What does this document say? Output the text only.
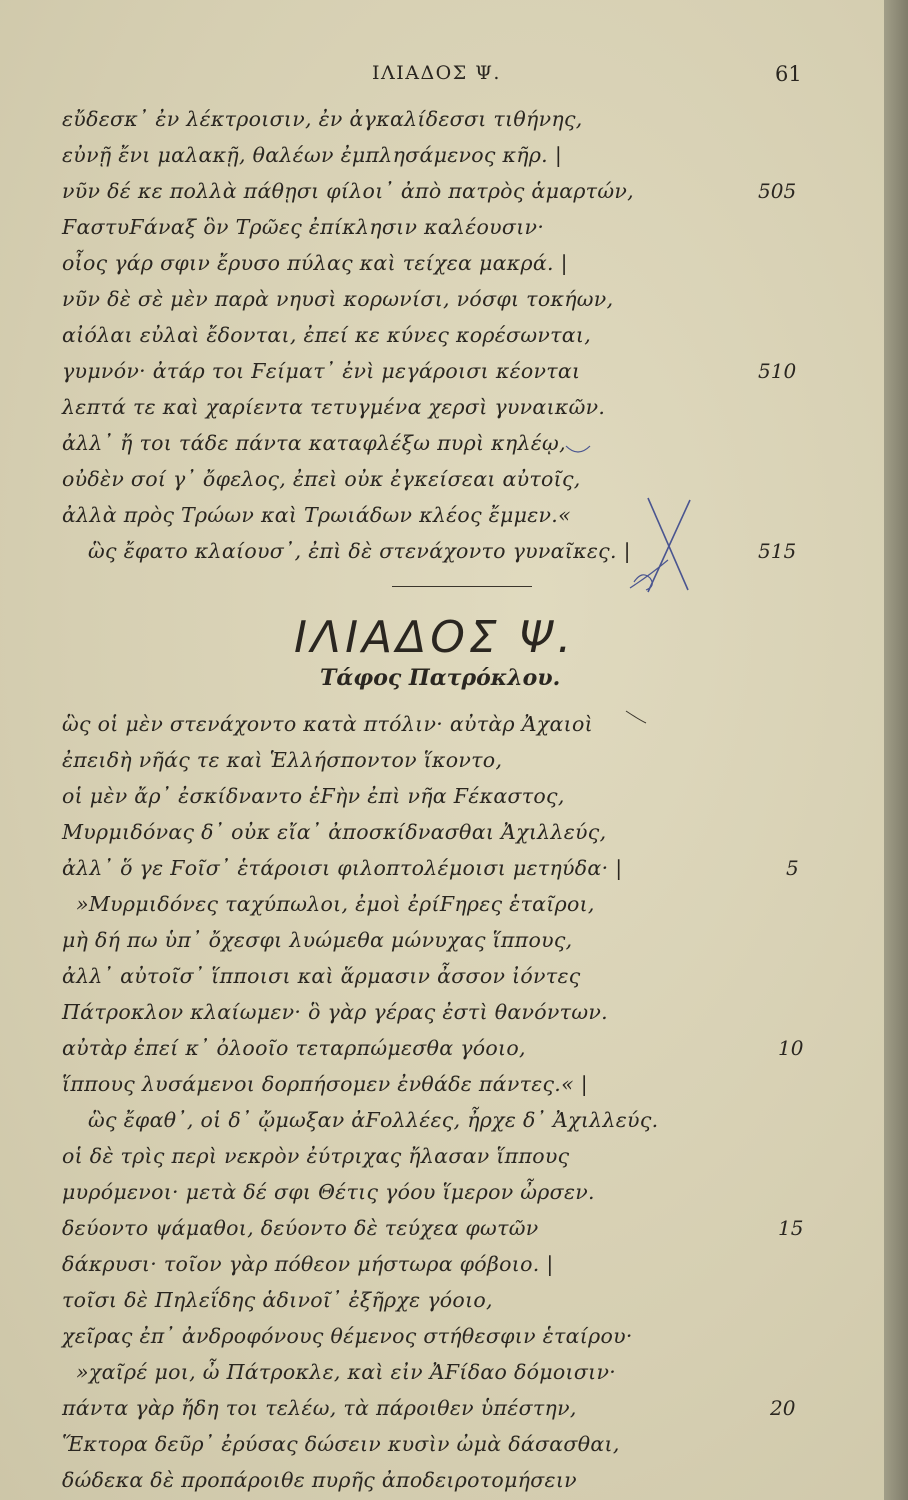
ΙΛΙΑΔΟΣ Ψ.	61
εὔδεσκ᾽ ἐν λέκτροισιν, ἐν ἀγκαλίδεσσι τιθήνης,
εὐνῇ ἔνι μαλακῇ, θαλέων ἐμπλησάμενος κῆρ. |
νῦν δέ κε πολλὰ πάθῃσι φίλοι᾽ ἀπὸ πατρὸς ἁμαρτών,
ϜαστυϜάναξ ὃν Τρῶες ἐπίκλησιν καλέουσιν·
οἶος γάρ σφιν ἔρυσο πύλας καὶ τείχεα μακρά. |
νῦν δὲ σὲ μὲν παρὰ νηυσὶ κορωνίσι, νόσφι τοκήων,
αἰόλαι εὐλαὶ ἔδονται, ἐπεί κε κύνες κορέσωνται,
γυμνόν· ἀτάρ τοι Ϝείματ᾽ ἐνὶ μεγάροισι κέονται
λεπτά τε καὶ χαρίεντα τετυγμένα χερσὶ γυναικῶν.
ἀλλ᾽ ἤ τοι τάδε πάντα καταφλέξω πυρὶ κηλέῳ,
οὐδὲν σοί γ᾽ ὄφελος, ἐπεὶ οὐκ ἐγκείσεαι αὐτοῖς,
ἀλλὰ πρὸς Τρώων καὶ Τρωιάδων κλέος ἔμμεν.«
ὣς ἔφατο κλαίουσ᾽, ἐπὶ δὲ στενάχοντο γυναῖκες. |
505
510
515
ΙΛΙΑΔΟΣ Ψ.
Τάφος Πατρόκλου.
ὣς οἱ μὲν στενάχοντο κατὰ πτόλιν· αὐτὰρ Ἀχαιοὶ
ἐπειδὴ νῆάς τε καὶ Ἑλλήσποντον ἵκοντο,
οἱ μὲν ἄρ᾽ ἐσκίδναντο ἑϜὴν ἐπὶ νῆα Ϝέκαστος,
Μυρμιδόνας δ᾽ οὐκ εἴα᾽ ἀποσκίδνασθαι Ἀχιλλεύς,
ἀλλ᾽ ὅ γε Ϝοῖσ᾽ ἑτάροισι φιλοπτολέμοισι μετηύδα· |
»Μυρμιδόνες ταχύπωλοι, ἐμοὶ ἐρίϜηρες ἑταῖροι,
μὴ δή πω ὑπ᾽ ὄχεσφι λυώμεθα μώνυχας ἵππους,
ἀλλ᾽ αὐτοῖσ᾽ ἵπποισι καὶ ἅρμασιν ἆσσον ἰόντες
Πάτροκλον κλαίωμεν· ὃ γὰρ γέρας ἐστὶ θανόντων.
αὐτὰρ ἐπεί κ᾽ ὀλοοῖο τεταρπώμεσθα γόοιο,
ἵππους λυσάμενοι δορπήσομεν ἐνθάδε πάντες.« |
ὣς ἔφαθ᾽, οἱ δ᾽ ᾤμωξαν ἀϜολλέες, ἦρχε δ᾽ Ἀχιλλεύς.
οἱ δὲ τρὶς περὶ νεκρὸν ἐύτριχας ἤλασαν ἵππους
μυρόμενοι· μετὰ δέ σφι Θέτις γόου ἵμερον ὦρσεν.
δεύοντο ψάμαθοι, δεύοντο δὲ τεύχεα φωτῶν
δάκρυσι· τοῖον γὰρ πόθεον μήστωρα φόβοιο. |
τοῖσι δὲ Πηλεΐδης ἁδινοῖ᾽ ἐξῆρχε γόοιο,
χεῖρας ἐπ᾽ ἀνδροφόνους θέμενος στήθεσφιν ἑταίρου·
»χαῖρέ μοι, ὦ Πάτροκλε, καὶ εἰν ἈϜίδαο δόμοισιν·
πάντα γὰρ ἤδη τοι τελέω, τὰ πάροιθεν ὑπέστην,
Ἕκτορα δεῦρ᾽ ἐρύσας δώσειν κυσὶν ὠμὰ δάσασθαι,
δώδεκα δὲ προπάροιθε πυρῆς ἀποδειροτομήσειν
5
10
15
20
